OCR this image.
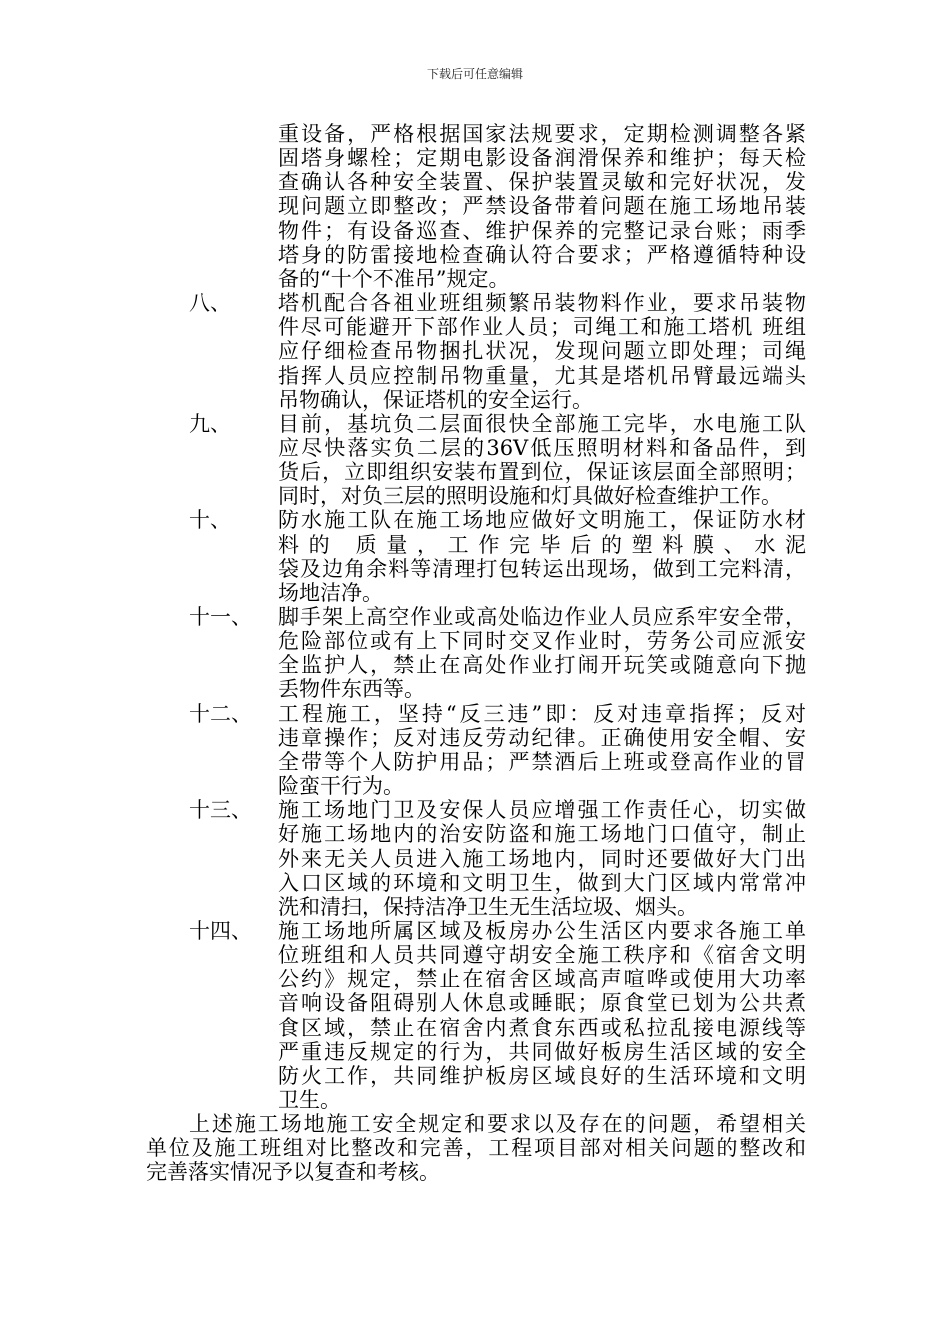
下载后可任意编辑
重设备，严格根据国家法规要求，定期检测调整各紧
固塔身螺栓；定期电影设备润滑保养和维护；每天检
查确认各种安全装置、保护装置灵敏和完好状况，发
现问题立即整改；严禁设备带着问题在施工场地吊装
物件；有设备巡查、维护保养的完整记录台账；雨季
塔身的防雷接地检查确认符合要求；严格遵循特种设
备的“十个不准吊”规定。
八、 塔机配合各祖业班组频繁吊装物料作业，要求吊装物
件尽可能避开下部作业人员；司绳工和施工塔机 班组
应仔细检查吊物捆扎状况，发现问题立即处理；司绳
指挥人员应控制吊物重量，尤其是塔机吊臂最远端头
吊物确认，保证塔机的安全运行。
九、 目前，基坑负二层面很快全部施工完毕，水电施工队
应尽快落实负二层的36V低压照明材料和备品件，到
货后，立即组织安装布置到位，保证该层面全部照明；
同时，对负三层的照明设施和灯具做好检查维护工作。
十、 防水施工队在施工场地应做好文明施工，保证防水材
料的 质量，工作完毕后的塑料膜、水泥
袋及边角余料等清理打包转运出现场，做到工完料清，
场地洁净。
十一、 脚手架上高空作业或高处临边作业人员应系牢安全带，
危险部位或有上下同时交叉作业时，劳务公司应派安
全监护人，禁止在高处作业打闹开玩笑或随意向下抛
丢物件东西等。
十二、 工程施工，坚持“反三违”即：反对违章指挥；反对
违章操作；反对违反劳动纪律。正确使用安全帽、安
全带等个人防护用品；严禁酒后上班或登高作业的冒
险蛮干行为。
十三、 施工场地门卫及安保人员应增强工作责任心，切实做
好施工场地内的治安防盗和施工场地门口值守，制止
外来无关人员进入施工场地内，同时还要做好大门出
入口区域的环境和文明卫生，做到大门区域内常常冲
洗和清扫，保持洁净卫生无生活垃圾、烟头。
十四、 施工场地所属区域及板房办公生活区内要求各施工单
位班组和人员共同遵守胡安全施工秩序和《宿舍文明
公约》规定，禁止在宿舍区域高声喧哗或使用大功率
音响设备阻碍别人休息或睡眠；原食堂已划为公共煮
食区域，禁止在宿舍内煮食东西或私拉乱接电源线等
严重违反规定的行为，共同做好板房生活区域的安全
防火工作，共同维护板房区域良好的生活环境和文明
卫生。
上述施工场地施工安全规定和要求以及存在的问题，希望相关
单位及施工班组对比整改和完善，工程项目部对相关问题的整改和
完善落实情况予以复查和考核。
